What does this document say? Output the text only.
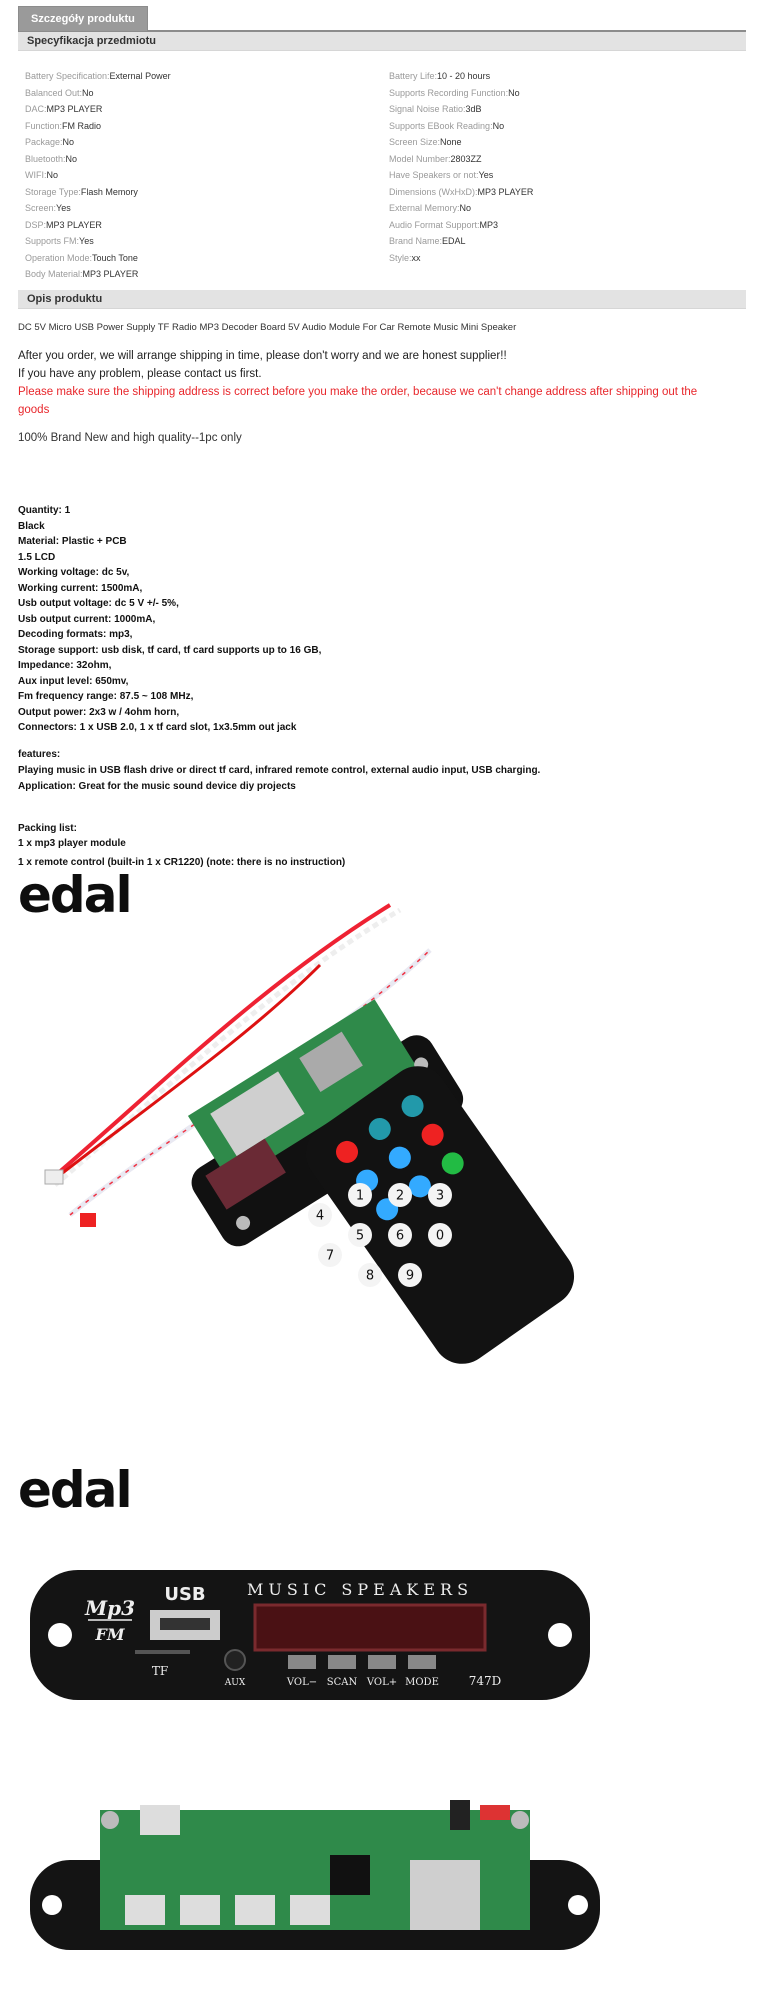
Szczegóły produktu
Specyfikacja przedmiotu
Battery Specification:External Power
Balanced Out:No
DAC:MP3 PLAYER
Function:FM Radio
Package:No
Bluetooth:No
WIFI:No
Storage Type:Flash Memory
Screen:Yes
DSP:MP3 PLAYER
Supports FM:Yes
Operation Mode:Touch Tone
Body Material:MP3 PLAYER
Battery Life:10 - 20 hours
Supports Recording Function:No
Signal Noise Ratio:3dB
Supports EBook Reading:No
Screen Size:None
Model Number:2803ZZ
Have Speakers or not:Yes
Dimensions (WxHxD):MP3 PLAYER
External Memory:No
Audio Format Support:MP3
Brand Name:EDAL
Style:xx
Opis produktu
DC 5V Micro USB Power Supply TF Radio MP3 Decoder Board 5V Audio Module For Car Remote Music Mini Speaker
After you order, we will arrange shipping in time, please don't worry and we are honest supplier!!
If you have any problem, please contact us first.
Please make sure the shipping address is correct before you make the order, because we can't change address after shipping out the goods
100% Brand New and high quality--1pc only
Quantity: 1
Black
Material: Plastic + PCB
1.5 LCD
Working voltage: dc 5v,
Working current: 1500mA,
Usb output voltage: dc 5 V +/- 5%,
Usb output current: 1000mA,
Decoding formats: mp3,
Storage support: usb disk, tf card, tf card supports up to 16 GB,
Impedance: 32ohm,
Aux input level: 650mv,
Fm frequency range: 87.5 ~ 108 MHz,
Output power: 2x3 w / 4ohm horn,
Connectors: 1 x USB 2.0, 1 x tf card slot, 1x3.5mm out jack
features:
Playing music in USB flash drive or direct tf card, infrared remote control, external audio input, USB charging.
Application: Great for the music sound device diy projects
Packing list:
1 x mp3 player module
1 x remote control (built-in 1 x CR1220) (note: there is no instruction)
edal
1 2 3
4
5 6
7
8 9
0
edal
Mp3
FM
USB
TF
MUSIC SPEAKERS
AUX	VOL− SCAN VOL+ MODE 747D
